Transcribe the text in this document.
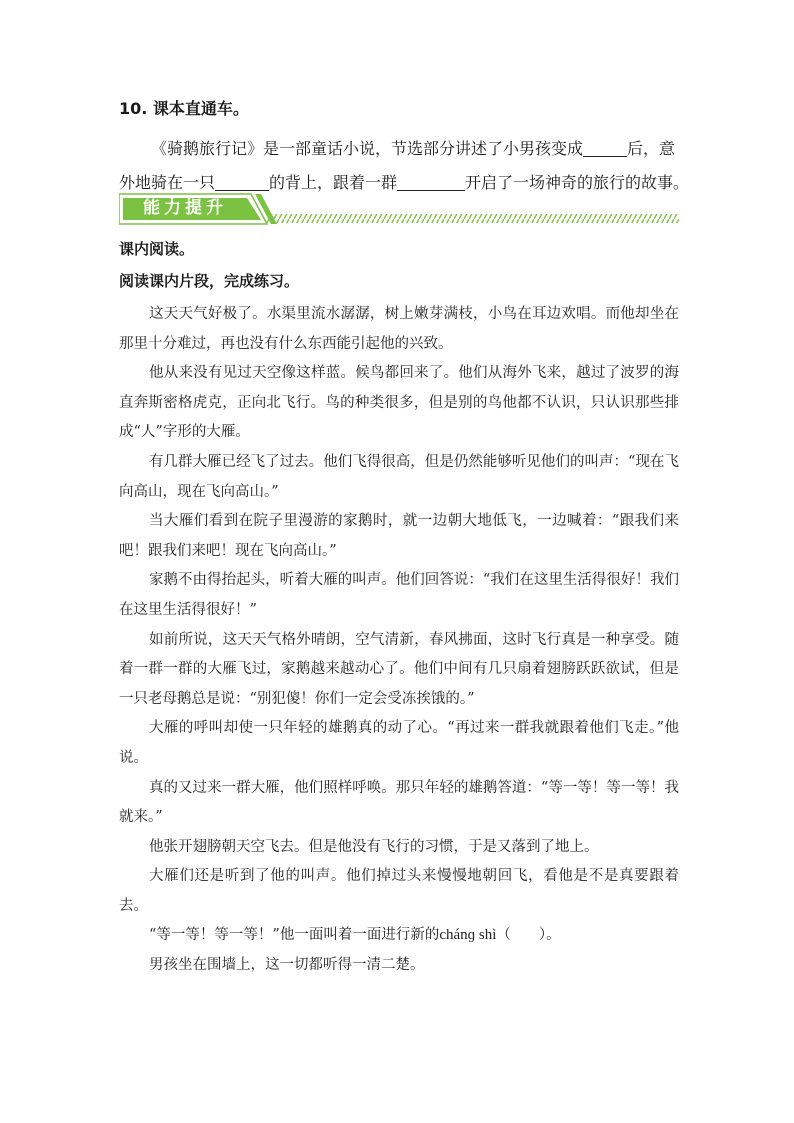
10. 课本直通车。
《骑鹅旅行记》是一部童话小说，节选部分讲述了小男孩变成	后，意
外地骑在一只	的背上，跟着一群	开启了一场神奇的旅行的故事。
能力提升
课内阅读。
阅读课内片段，完成练习。

这天天气好极了。水渠里流水潺潺，树上嫩芽满枝，小鸟在耳边欢唱。而他却坐在那里十分难过，再也没有什么东西能引起他的兴致。

他从来没有见过天空像这样蓝。候鸟都回来了。他们从海外飞来，越过了波罗的海直奔斯密格虎克，正向北飞行。鸟的种类很多，但是别的鸟他都不认识，只认识那些排成“人”字形的大雁。

有几群大雁已经飞了过去。他们飞得很高，但是仍然能够听见他们的叫声：“现在飞向高山，现在飞向高山。”

当大雁们看到在院子里漫游的家鹅时，就一边朝大地低飞，一边喊着：“跟我们来吧！跟我们来吧！现在飞向高山。”

家鹅不由得抬起头，听着大雁的叫声。他们回答说：“我们在这里生活得很好！我们在这里生活得很好！”

如前所说，这天天气格外晴朗，空气清新，春风拂面，这时飞行真是一种享受。随着一群一群的大雁飞过，家鹅越来越动心了。他们中间有几只扇着翅膀跃跃欲试，但是一只老母鹅总是说：“别犯傻！你们一定会受冻挨饿的。”

大雁的呼叫却使一只年轻的雄鹅真的动了心。“再过来一群我就跟着他们飞走。”他说。

真的又过来一群大雁，他们照样呼唤。那只年轻的雄鹅答道：“等一等！等一等！我就来。”

他张开翅膀朝天空飞去。但是他没有飞行的习惯，于是又落到了地上。

大雁们还是听到了他的叫声。他们掉过头来慢慢地朝回飞，看他是不是真要跟着去。

“等一等！等一等！”他一面叫着一面进行新的chánɡ shì（ ）。

男孩坐在围墙上，这一切都听得一清二楚。
